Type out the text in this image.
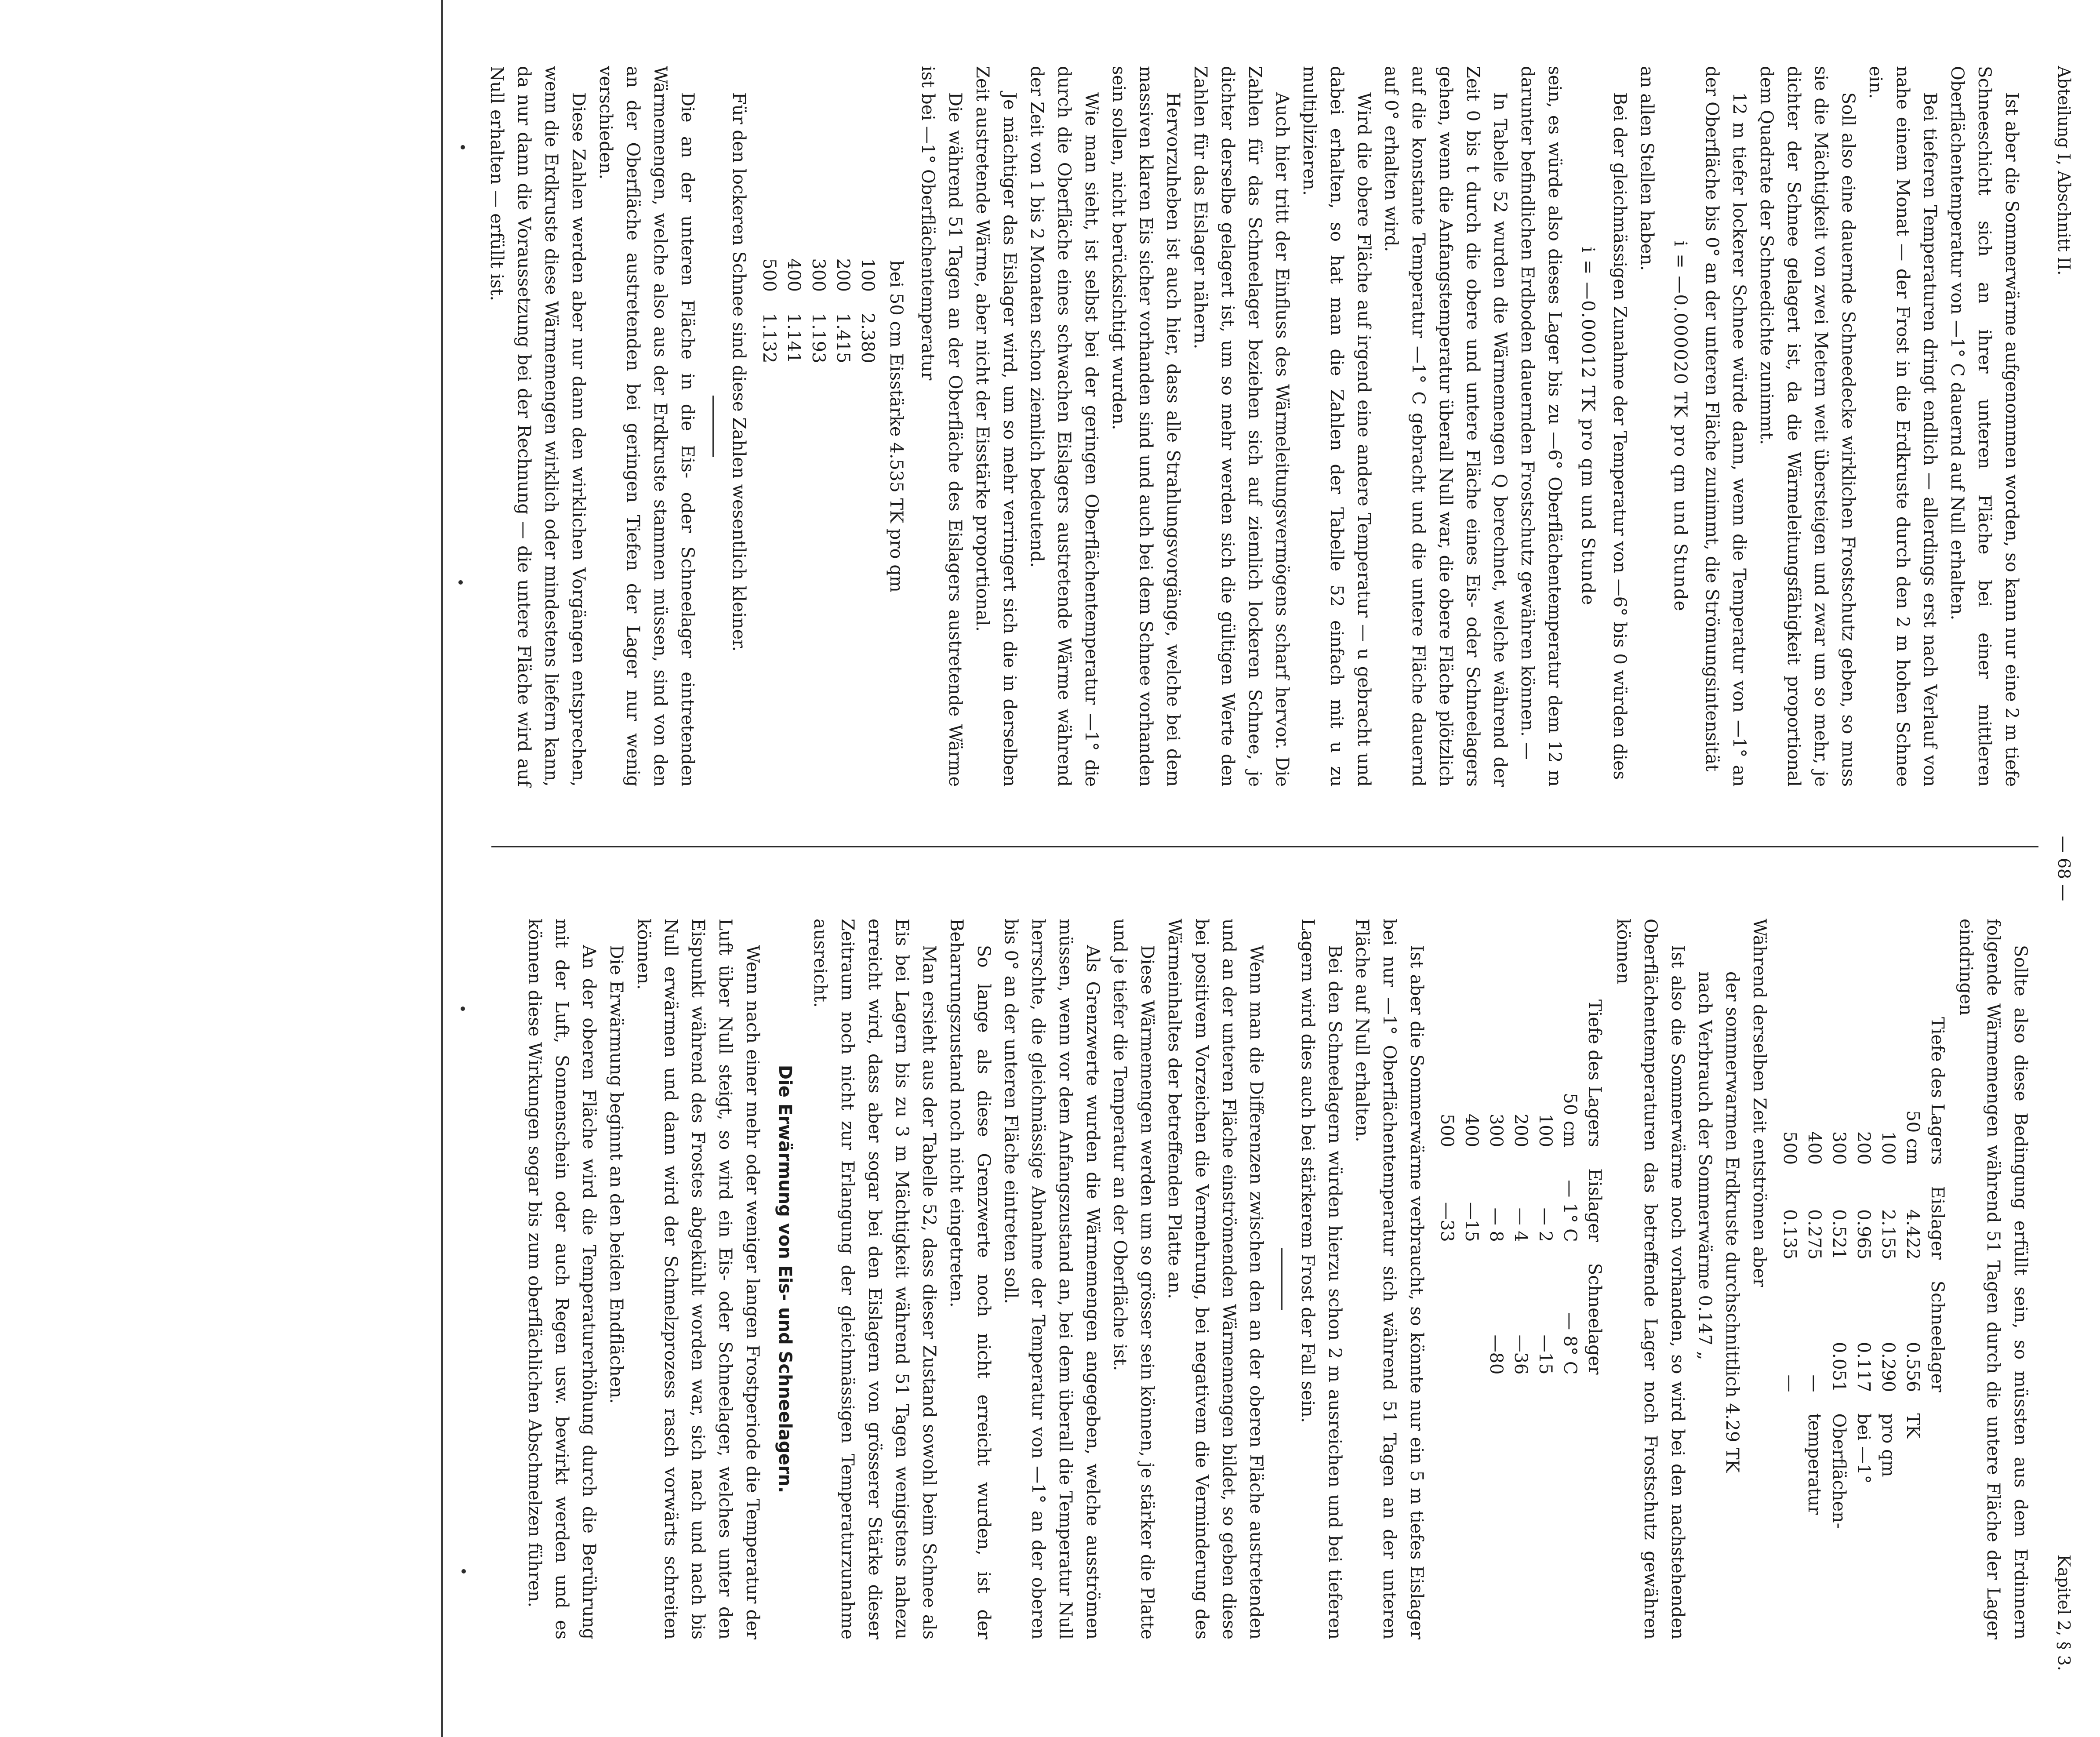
Abteilung I, Abschnitt II.
— 68 —
Kapitel 2, § 3.

Ist aber die Sommerwärme aufgenommen worden, so kann nur eine 2 m tiefe Schneeschicht sich an ihrer unteren Fläche bei einer mittleren Oberflächentemperatur von —1° C dauernd auf Null erhalten.

Bei tieferen Temperaturen dringt endlich — allerdings erst nach Verlauf von nahe einem Monat — der Frost in die Erdkruste durch den 2 m hohen Schnee ein.

Soll also eine dauernde Schneedecke wirklichen Frostschutz geben, so muss sie die Mächtigkeit von zwei Metern weit übersteigen und zwar um so mehr, je dichter der Schnee gelagert ist, da die Wärmeleitungsfähigkeit proportional dem Quadrate der Schneedichte zunimmt.

12 m tiefer lockerer Schnee würde dann, wenn die Temperatur von —1° an der Oberfläche bis 0° an der unteren Fläche zunimmt, die Strömungsintensität

i = —0.000020 TK pro qm und Stunde

an allen Stellen haben.

Bei der gleichmässigen Zunahme der Temperatur von —6° bis 0 würden dies

i = —0.00012 TK pro qm und Stunde

sein, es würde also dieses Lager bis zu —6° Oberflächentemperatur dem 12 m darunter befindlichen Erdboden dauernden Frostschutz gewähren können. —

In Tabelle 52 wurden die Wärmemengen Q berechnet, welche während der Zeit 0 bis t durch die obere und untere Fläche eines Eis- oder Schneelagers gehen, wenn die Anfangstemperatur überall Null war, die obere Fläche plötzlich auf die konstante Temperatur —1° C gebracht und die untere Fläche dauernd auf 0° erhalten wird.

Wird die obere Fläche auf irgend eine andere Temperatur — u gebracht und dabei erhalten, so hat man die Zahlen der Tabelle 52 einfach mit u zu multiplizieren.

Auch hier tritt der Einfluss des Wärmeleitungsvermögens scharf hervor. Die Zahlen für das Schneelager beziehen sich auf ziemlich lockeren Schnee, je dichter derselbe gelagert ist, um so mehr werden sich die gültigen Werte den Zahlen für das Eislager nähern.

Hervorzuheben ist auch hier, dass alle Strahlungsvorgänge, welche bei dem massiven klaren Eis sicher vorhanden sind und auch bei dem Schnee vorhanden sein sollen, nicht berücksichtigt wurden.

Wie man sieht, ist selbst bei der geringen Oberflächentemperatur —1° die durch die Oberfläche eines schwachen Eislagers austretende Wärme während der Zeit von 1 bis 2 Monaten schon ziemlich bedeutend.

Je mächtiger das Eislager wird, um so mehr verringert sich die in derselben Zeit austretende Wärme, aber nicht der Eisstärke proportional.

Die während 51 Tagen an der Oberfläche des Eislagers austretende Wärme ist bei —1° Oberflächentemperatur

bei 50 cm Eisstärke 4.535 TK pro qm
100	2.380
200	1.415
300	1.193
400	1.141
500	1.132

Für den lockeren Schnee sind diese Zahlen wesentlich kleiner.

Die an der unteren Fläche in die Eis- oder Schneelager eintretenden Wärmemengen, welche also aus der Erdkruste stammen müssen, sind von den an der Oberfläche austretenden bei geringen Tiefen der Lager nur wenig verschieden.

Diese Zahlen werden aber nur dann den wirklichen Vorgängen entsprechen, wenn die Erdkruste diese Wärmemengen wirklich oder mindestens liefern kann, da nur dann die Voraussetzung bei der Rechnung — die untere Fläche wird auf Null erhalten — erfüllt ist.

Sollte also diese Bedingung erfüllt sein, so müssten aus dem Erdinnern folgende Wärmemengen während 51 Tagen durch die untere Fläche der Lager eindringen

Tiefe des Lagers	Eislager	Schneelager	
50 cm	4.422	0.556	TK
100	2.155	0.290	pro qm
200	0.965	0.117	bei —1°
300	0.521	0.051	Oberflächen-
400	0.275	—	temperatur
500	0.135	—	

Während derselben Zeit entströmen aber

der sommerwarmen Erdkruste durchschnittlich 4.29 TK
nach Verbrauch der Sommerwärme 0.147 „

Ist also die Sommerwärme noch vorhanden, so wird bei den nachstehenden Oberflächentemperaturen das betreffende Lager noch Frostschutz gewähren können

Tiefe des Lagers	Eislager	Schneelager
50 cm	— 1° C	— 8° C
100	— 2	—15
200	— 4	—36
300	— 8	—80
400	—15	
500	—33	

Ist aber die Sommerwärme verbraucht, so könnte nur ein 5 m tiefes Eislager bei nur —1° Oberflächentemperatur sich während 51 Tagen an der unteren Fläche auf Null erhalten.

Bei den Schneelagern würden hierzu schon 2 m ausreichen und bei tieferen Lagern wird dies auch bei stärkerem Frost der Fall sein.

Wenn man die Differenzen zwischen den an der oberen Fläche austretenden und an der unteren Fläche einströmenden Wärmemengen bildet, so geben diese bei positivem Vorzeichen die Vermehrung, bei negativem die Verminderung des Wärmeinhaltes der betreffenden Platte an.

Diese Wärmemengen werden um so grösser sein können, je stärker die Platte und je tiefer die Temperatur an der Oberfläche ist.

Als Grenzwerte wurden die Wärmemengen angegeben, welche ausströmen müssen, wenn vor dem Anfangszustand an, bei dem überall die Temperatur Null herrschte, die gleichmässige Abnahme der Temperatur von —1° an der oberen bis 0° an der unteren Fläche eintreten soll.

So lange als diese Grenzwerte noch nicht erreicht wurden, ist der Beharrungszustand noch nicht eingetreten.

Man ersieht aus der Tabelle 52, dass dieser Zustand sowohl beim Schnee als Eis bei Lagern bis zu 3 m Mächtigkeit während 51 Tagen wenigstens nahezu erreicht wird, dass aber sogar bei den Eislagern von grösserer Stärke dieser Zeitraum noch nicht zur Erlangung der gleichmässigen Temperaturzunahme ausreicht.

Die Erwärmung von Eis- und Schneelagern.

Wenn nach einer mehr oder weniger langen Frostperiode die Temperatur der Luft über Null steigt, so wird ein Eis- oder Schneelager, welches unter den Eispunkt während des Frostes abgekühlt worden war, sich nach und nach bis Null erwärmen und dann wird der Schmelzprozess rasch vorwärts schreiten können.

Die Erwärmung beginnt an den beiden Endflächen.

An der oberen Fläche wird die Temperaturerhöhung durch die Berührung mit der Luft, Sonnenschein oder auch Regen usw. bewirkt werden und es können diese Wirkungen sogar bis zum oberflächlichen Abschmelzen führen.
